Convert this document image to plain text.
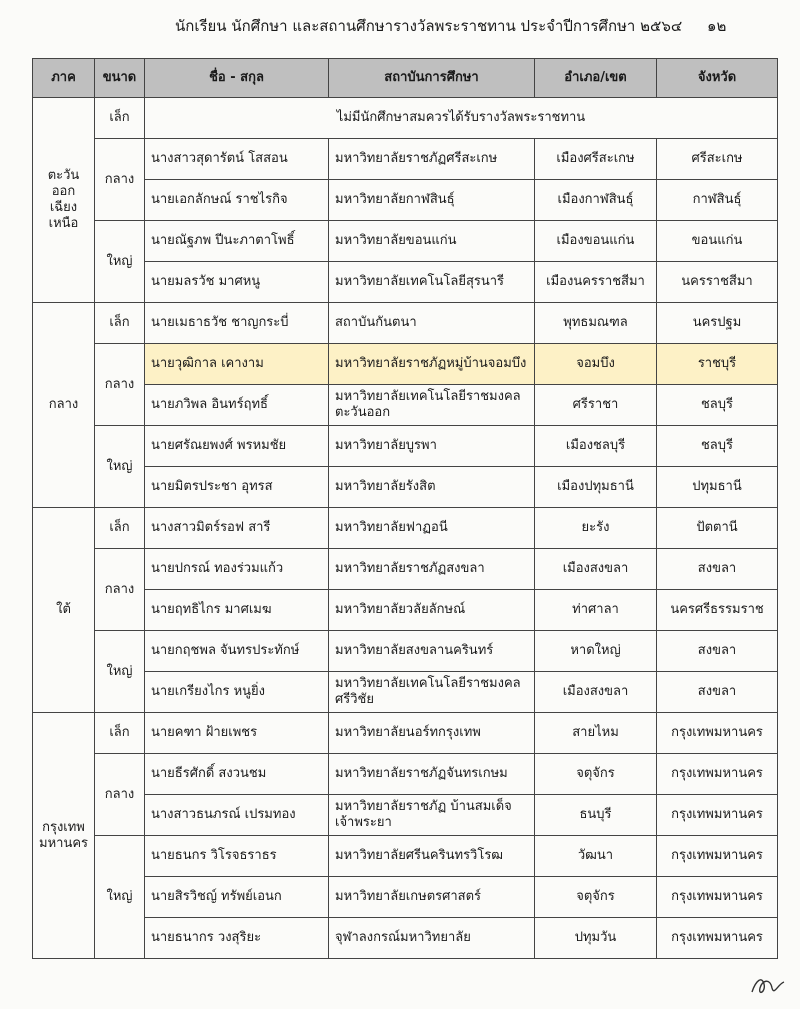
นักเรียน นักศึกษา และสถานศึกษารางวัลพระราชทาน ประจำปีการศึกษา ๒๕๖๔ ๑๒
ภาค	ขนาด	ชื่อ - สกุล	สถาบันการศึกษา	อำเภอ/เขต	จังหวัด
ตะวันออก เฉียงเหนือ	เล็ก	ไม่มีนักศึกษาสมควรได้รับรางวัลพระราชทาน			
	กลาง	นางสาวสุดารัตน์ โสสอน	มหาวิทยาลัยราชภัฏศรีสะเกษ	เมืองศรีสะเกษ	ศรีสะเกษ
		นายเอกลักษณ์ ราชไรกิจ	มหาวิทยาลัยกาฬสินธุ์	เมืองกาฬสินธุ์	กาฬสินธุ์
	ใหญ่	นายณัฐภพ ปีนะภาตาโพธิ์	มหาวิทยาลัยขอนแก่น	เมืองขอนแก่น	ขอนแก่น
		นายมลรวัช มาศหนู	มหาวิทยาลัยเทคโนโลยีสุรนารี	เมืองนครราชสีมา	นครราชสีมา
กลาง	เล็ก	นายเมธาธวัช ชาญกระบี่	สถาบันกันตนา	พุทธมณฑล	นครปฐม
	กลาง	นายวุฒิกาล เคางาม	มหาวิทยาลัยราชภัฏหมู่บ้านจอมบึง	จอมบึง	ราชบุรี
		นายภวิพล อินทร์ฤทธิ์	มหาวิทยาลัยเทคโนโลยีราชมงคล ตะวันออก	ศรีราชา	ชลบุรี
	ใหญ่	นายศรัณยพงศ์ พรหมชัย	มหาวิทยาลัยบูรพา	เมืองชลบุรี	ชลบุรี
		นายมิตรประชา อุทรส	มหาวิทยาลัยรังสิต	เมืองปทุมธานี	ปทุมธานี
ใต้	เล็ก	นางสาวมิตร์รอฟ สารี	มหาวิทยาลัยฟาฏอนี	ยะรัง	ปัตตานี
	กลาง	นายปกรณ์ ทองร่วมแก้ว	มหาวิทยาลัยราชภัฏสงขลา	เมืองสงขลา	สงขลา
		นายฤทธิไกร มาศเมฆ	มหาวิทยาลัยวลัยลักษณ์	ท่าศาลา	นครศรีธรรมราช
	ใหญ่	นายกฤชพล จันทรประทักษ์	มหาวิทยาลัยสงขลานครินทร์	หาดใหญ่	สงขลา
		นายเกรียงไกร หนูยิ่ง	มหาวิทยาลัยเทคโนโลยีราชมงคล ศรีวิชัย	เมืองสงขลา	สงขลา
กรุงเทพ มหานคร	เล็ก	นายคฑา ฝ้ายเพชร	มหาวิทยาลัยนอร์ทกรุงเทพ	สายไหม	กรุงเทพมหานคร
	กลาง	นายธีรศักดิ์ สงวนชม	มหาวิทยาลัยราชภัฏจันทรเกษม	จตุจักร	กรุงเทพมหานคร
		นางสาวธนภรณ์ เปรมทอง	มหาวิทยาลัยราชภัฏ บ้านสมเด็จเจ้าพระยา	ธนบุรี	กรุงเทพมหานคร
	ใหญ่	นายธนกร วิโรจธราธร	มหาวิทยาลัยศรีนครินทรวิโรฒ	วัฒนา	กรุงเทพมหานคร
		นายสิรวิชญ์ ทรัพย์เอนก	มหาวิทยาลัยเกษตรศาสตร์	จตุจักร	กรุงเทพมหานคร
		นายธนากร วงสุริยะ	จุฬาลงกรณ์มหาวิทยาลัย	ปทุมวัน	กรุงเทพมหานคร
